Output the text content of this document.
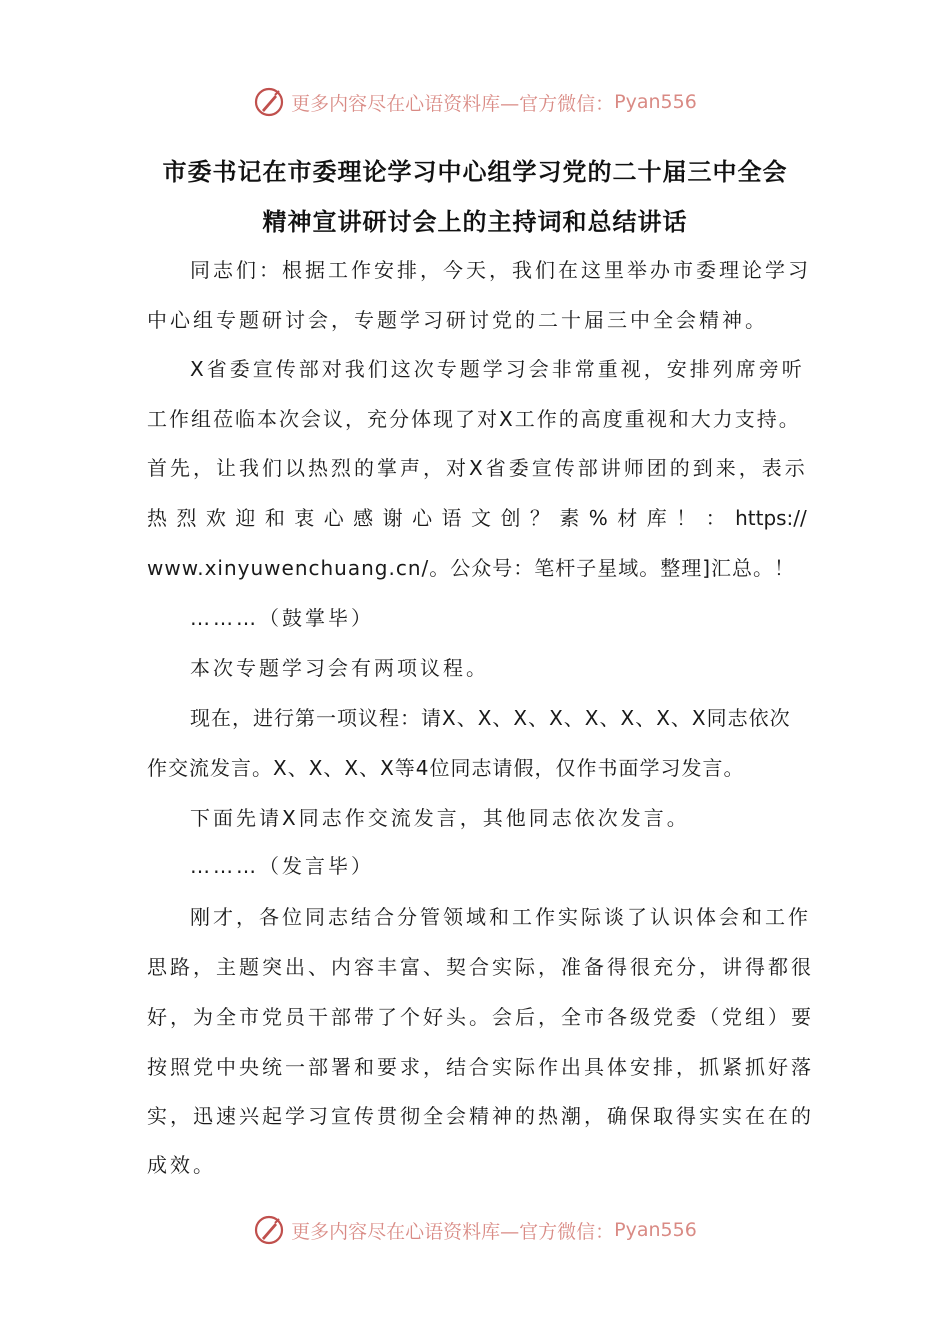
更多内容尽在心语资料库—官方微信： Pyan556
市委书记在市委理论学习中心组学习党的二十届三中全会
精神宣讲研讨会上的主持词和总结讲话
同志们：根据工作安排，今天，我们在这里举办市委理论学习
中心组专题研讨会，专题学习研讨党的二十届三中全会精神。
X省委宣传部对我们这次专题学习会非常重视，安排列席旁听
工作组莅临本次会议，充分体现了对X工作的高度重视和大力支持。
首先，让我们以热烈的掌声，对X省委宣传部讲师团的到来，表示
热 烈 欢 迎 和 衷 心 感 谢 心 语 文 创 ？ 素 % 材 库 ！ ： https://
www.xinyuwenchuang.cn/。公众号：笔杆子星域。整理]汇总。！
………（鼓掌毕）
本次专题学习会有两项议程。
现在，进行第一项议程：请X、X、X、X、X、X、X、X同志依次
作交流发言。X、X、X、X等4位同志请假，仅作书面学习发言。
下面先请X同志作交流发言，其他同志依次发言。
………（发言毕）
刚才，各位同志结合分管领域和工作实际谈了认识体会和工作
思路，主题突出、内容丰富、契合实际，准备得很充分，讲得都很
好，为全市党员干部带了个好头。会后，全市各级党委（党组）要
按照党中央统一部署和要求，结合实际作出具体安排，抓紧抓好落
实，迅速兴起学习宣传贯彻全会精神的热潮，确保取得实实在在的
成效。
更多内容尽在心语资料库—官方微信： Pyan556
